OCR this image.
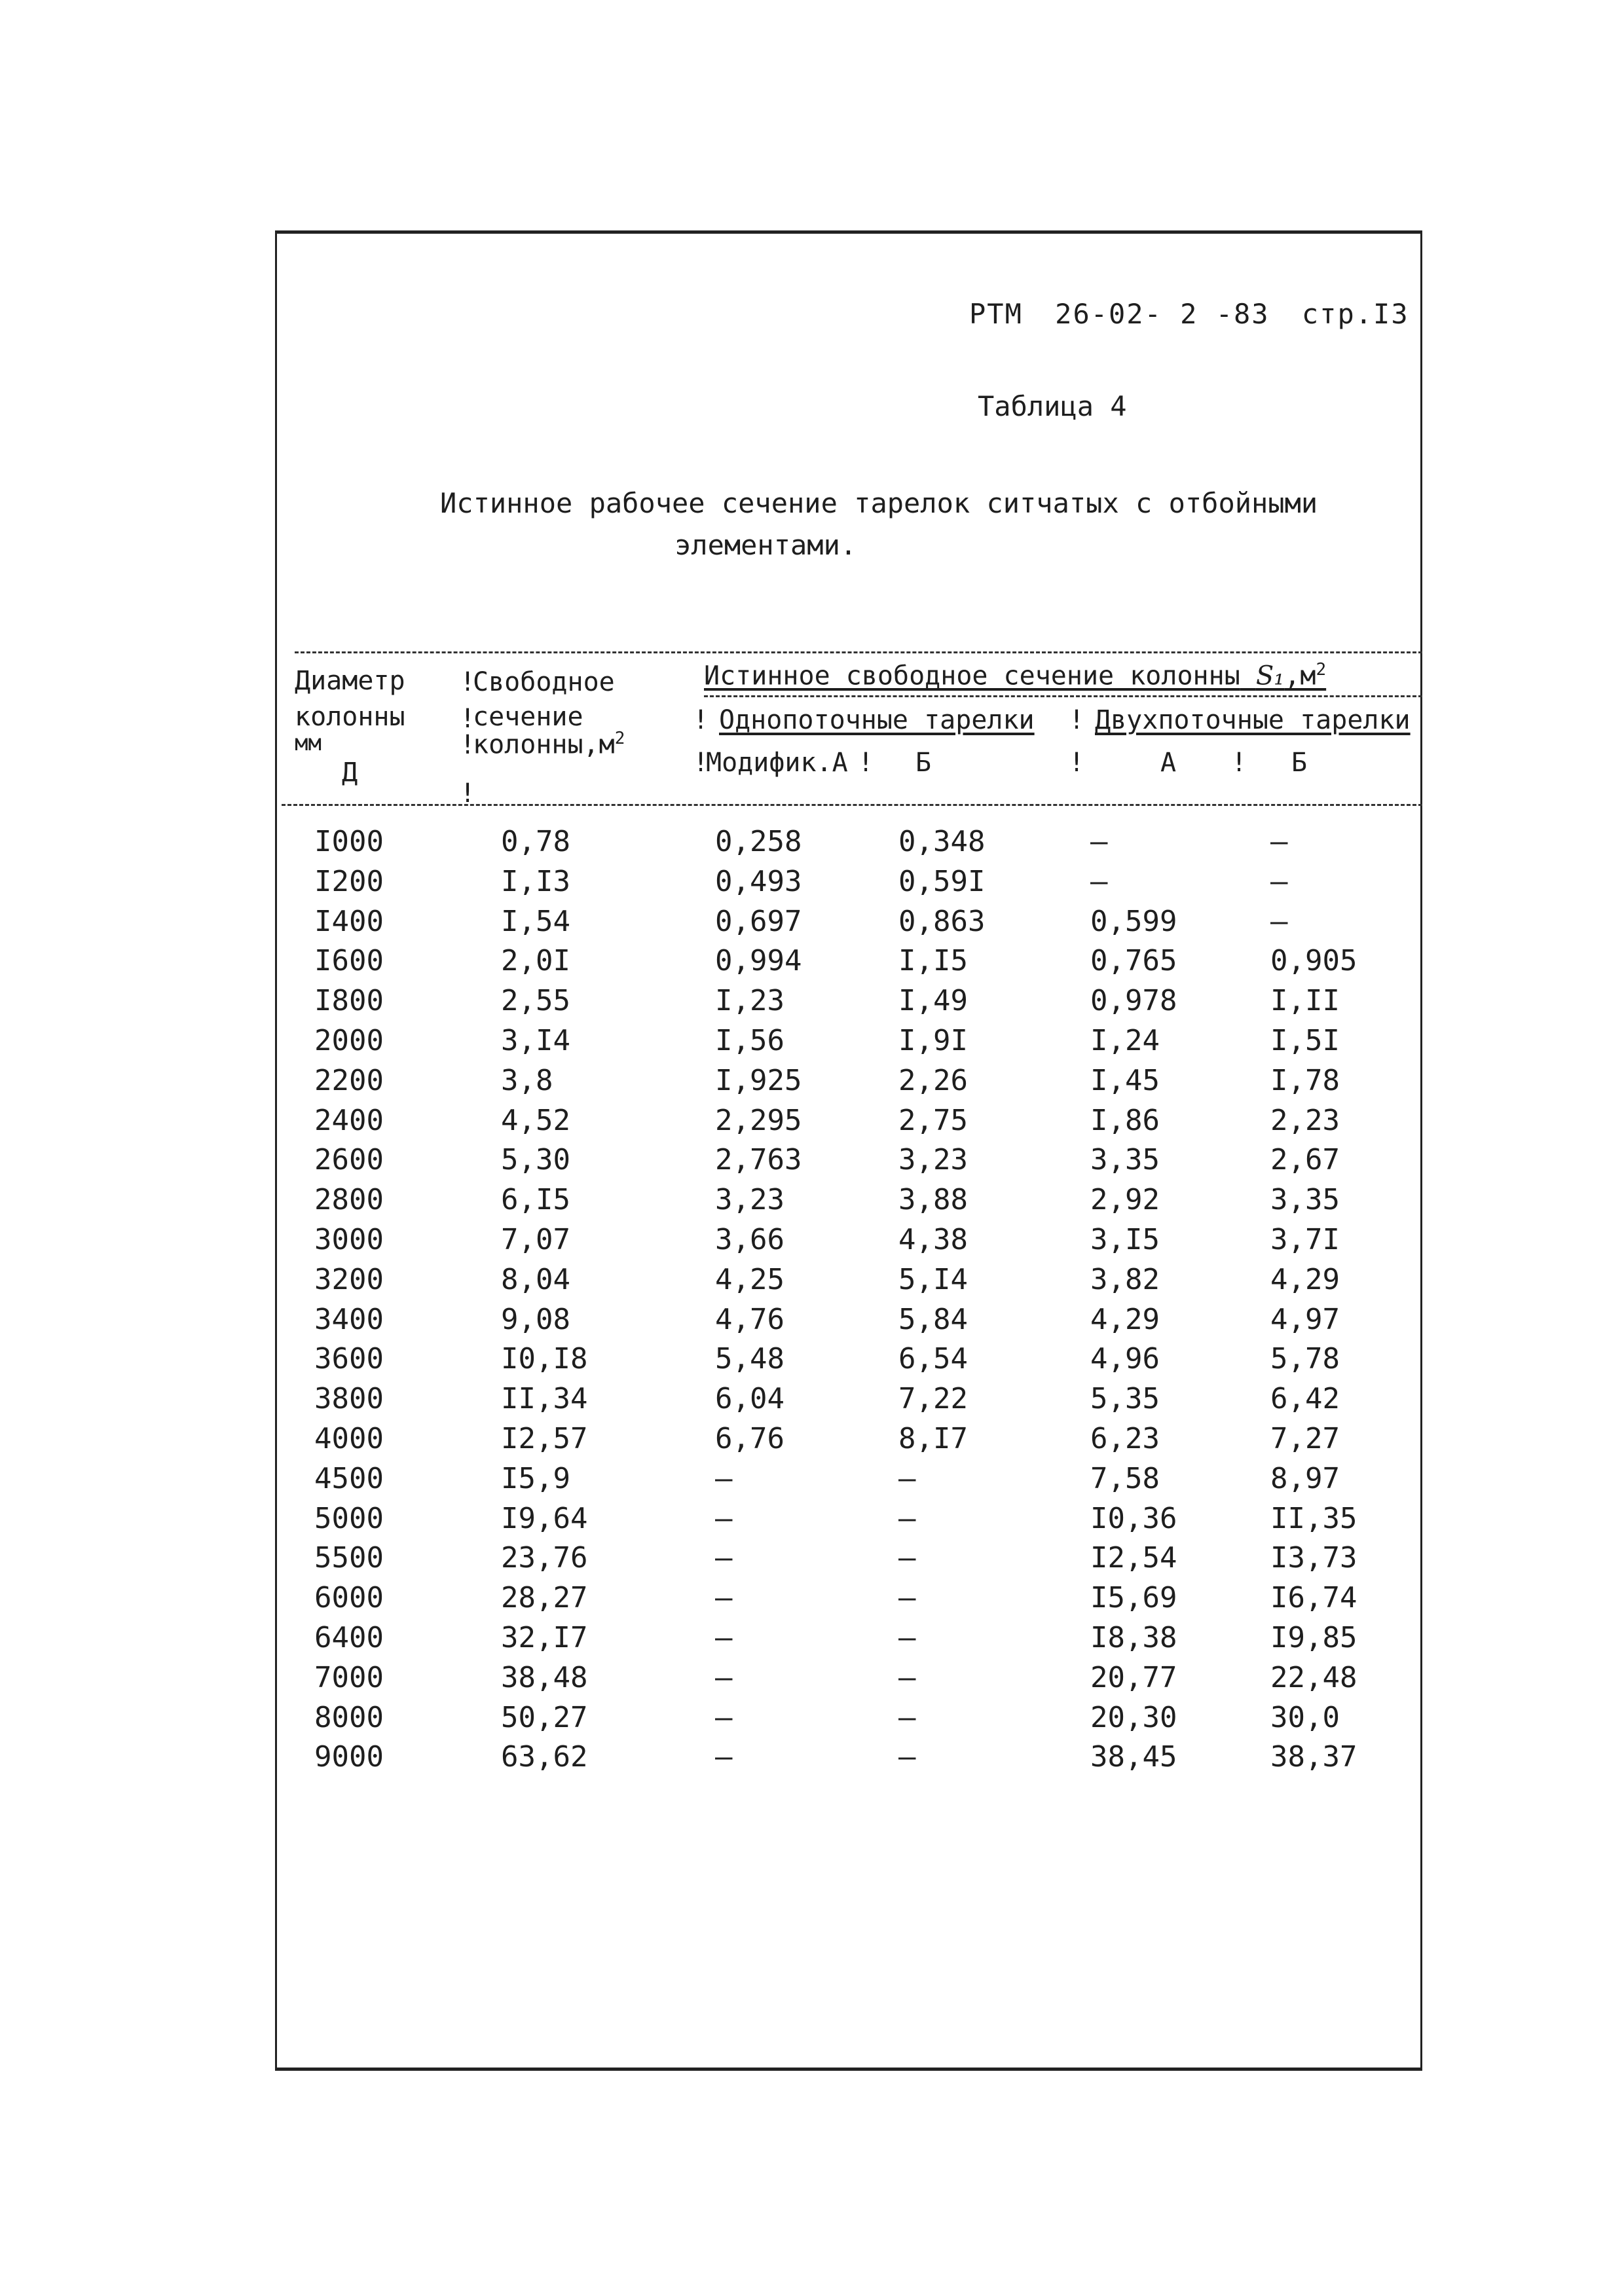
РТМ 26-02- 2 -83 стр.I3
Таблица 4
Истинное рабочее сечение тарелок ситчатых с отбойными
элементами.
Диаметр
колонны
мм
Д
!
!
!
!
Свободное
сечение
$колонны,м^2$
Истинное свободное сечение колонны $S_1,м^2$
! Однопоточные тарелки ! Двухпоточные тарелки
!
Модифик.А ! Б	!	А ! Б
I000	0,78	0,258	0,348	–	–
I200	I,I3	0,493	0,59I	–	–
I400	I,54	0,697	0,863	0,599	–
I600	2,0I	0,994	I,I5	0,765	0,905
I800	2,55	I,23	I,49	0,978	I,II
2000	3,I4	I,56	I,9I	I,24	I,5I
2200	3,8	I,925	2,26	I,45	I,78
2400	4,52	2,295	2,75	I,86	2,23
2600	5,30	2,763	3,23	3,35	2,67
2800	6,I5	3,23	3,88	2,92	3,35
3000	7,07	3,66	4,38	3,I5	3,7I
3200	8,04	4,25	5,I4	3,82	4,29
3400	9,08	4,76	5,84	4,29	4,97
3600	I0,I8	5,48	6,54	4,96	5,78
3800	II,34	6,04	7,22	5,35	6,42
4000	I2,57	6,76	8,I7	6,23	7,27
4500	I5,9	–	–	7,58	8,97
5000	I9,64	–	–	I0,36	II,35
5500	23,76	–	–	I2,54	I3,73
6000	28,27	–	–	I5,69	I6,74
6400	32,I7	–	–	I8,38	I9,85
7000	38,48	–	–	20,77	22,48
8000	50,27	–	–	20,30	30,0
9000	63,62	–	–	38,45	38,37
